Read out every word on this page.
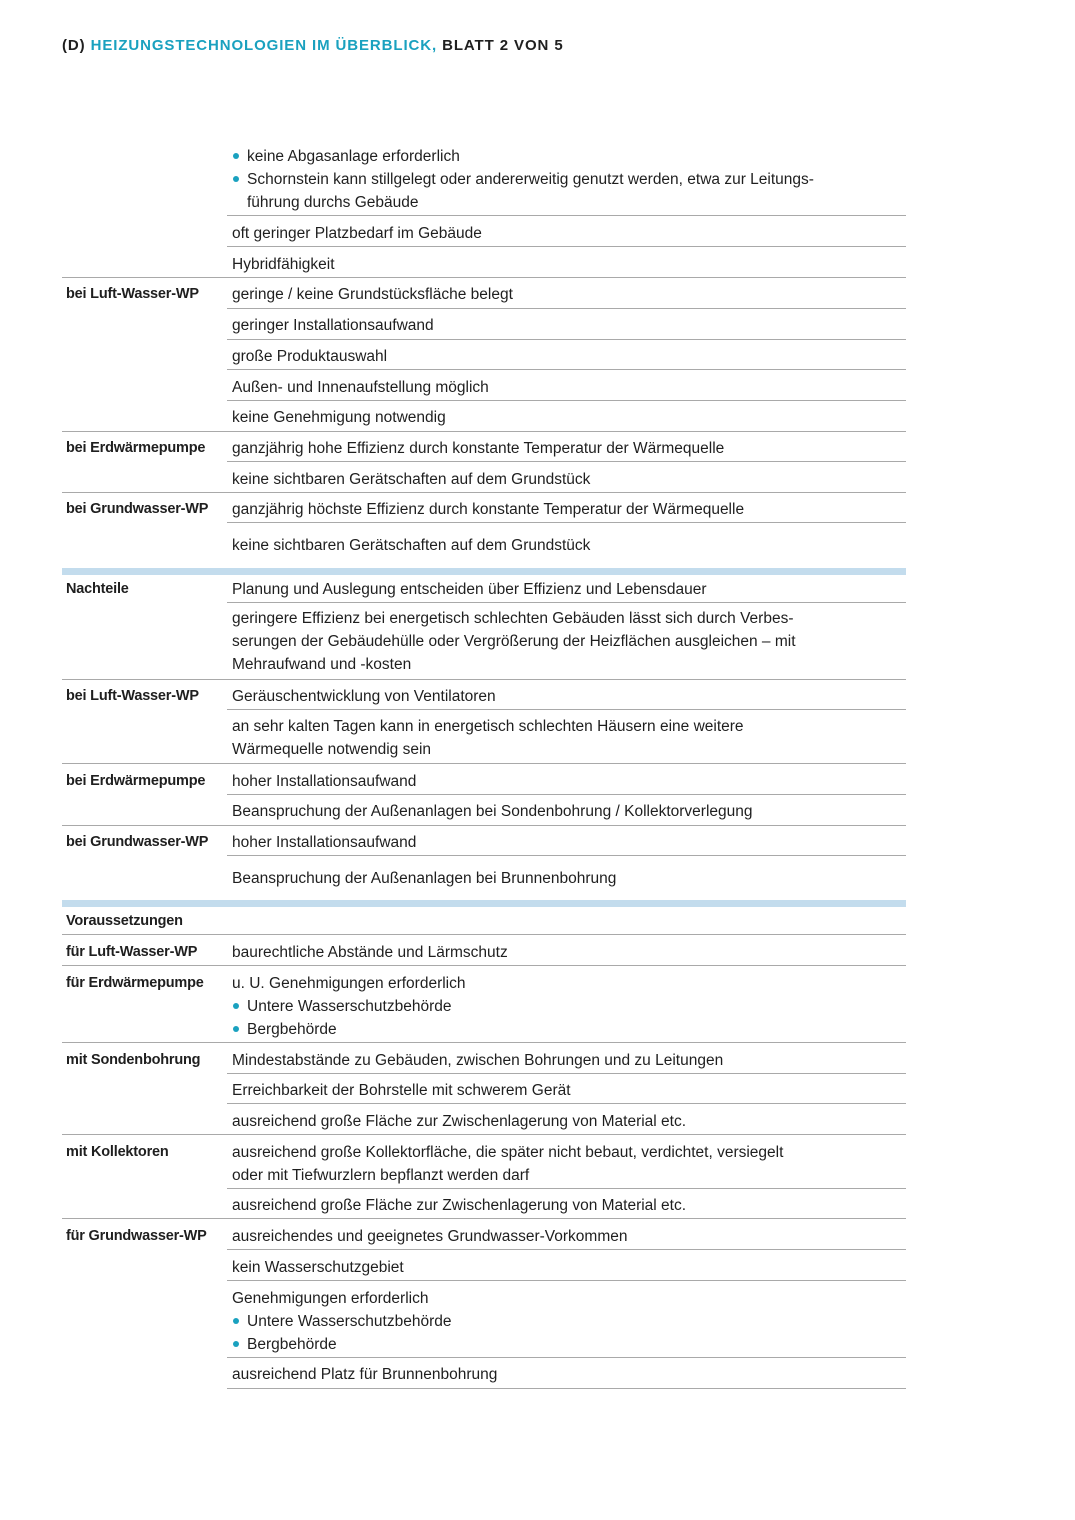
(D) HEIZUNGSTECHNOLOGIEN IM ÜBERBLICK, BLATT 2 VON 5
keine Abgasanlage erforderlich
Schornstein kann stillgelegt oder andererweitig genutzt werden, etwa zur Leitungs-
führung durchs Gebäude
oft geringer Platzbedarf im Gebäude
Hybridfähigkeit
bei Luft-Wasser-WP geringe / keine Grundstücksfläche belegt
geringer Installationsaufwand
große Produktauswahl
Außen- und Innenaufstellung möglich
keine Genehmigung notwendig
bei Erdwärmepumpe ganzjährig hohe Effizienz durch konstante Temperatur der Wärmequelle
keine sichtbaren Gerätschaften auf dem Grundstück
bei Grundwasser-WP ganzjährig höchste Effizienz durch konstante Temperatur der Wärmequelle
keine sichtbaren Gerätschaften auf dem Grundstück
Nachteile	Planung und Auslegung entscheiden über Effizienz und Lebensdauer
geringere Effizienz bei energetisch schlechten Gebäuden lässt sich durch Verbes-
serungen der Gebäudehülle oder Vergrößerung der Heizflächen ausgleichen – mit
Mehraufwand und -kosten
bei Luft-Wasser-WP Geräuschentwicklung von Ventilatoren
an sehr kalten Tagen kann in energetisch schlechten Häusern eine weitere
Wärmequelle notwendig sein
bei Erdwärmepumpe hoher Installationsaufwand
Beanspruchung der Außenanlagen bei Sondenbohrung / Kollektorverlegung
bei Grundwasser-WP hoher Installationsaufwand
Beanspruchung der Außenanlagen bei Brunnenbohrung
Voraussetzungen
für Luft-Wasser-WP baurechtliche Abstände und Lärmschutz
für Erdwärmepumpe u. U. Genehmigungen erforderlich
Untere Wasserschutzbehörde
Bergbehörde
mit Sondenbohrung Mindestabstände zu Gebäuden, zwischen Bohrungen und zu Leitungen
Erreichbarkeit der Bohrstelle mit schwerem Gerät
ausreichend große Fläche zur Zwischenlagerung von Material etc.
mit Kollektoren	ausreichend große Kollektorfläche, die später nicht bebaut, verdichtet, versiegelt
oder mit Tiefwurzlern bepflanzt werden darf
ausreichend große Fläche zur Zwischenlagerung von Material etc.
für Grundwasser-WP ausreichendes und geeignetes Grundwasser-Vorkommen
kein Wasserschutzgebiet
Genehmigungen erforderlich
Untere Wasserschutzbehörde
Bergbehörde
ausreichend Platz für Brunnenbohrung
